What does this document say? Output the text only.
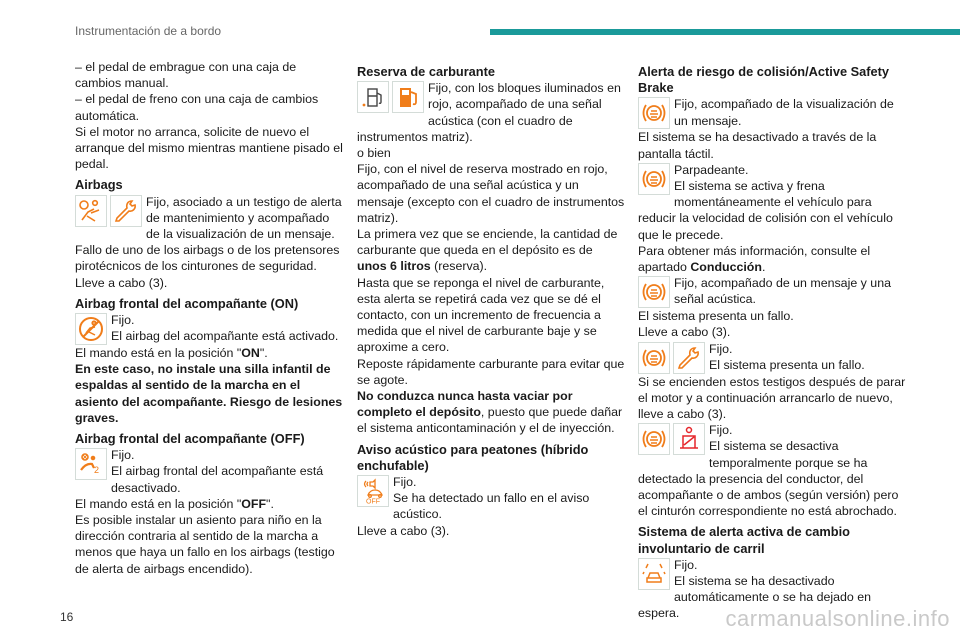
Instrumentación de a bordo

– el pedal de embrague con una caja de cambios manual.

– el pedal de freno con una caja de cambios automática.

Si el motor no arranca, solicite de nuevo el arranque del mismo mientras mantiene pisado el pedal.

Airbags

Fijo, asociado a un testigo de alerta de mantenimiento y acompañado de la visualización de un mensaje.

Fallo de uno de los airbags o de los pretensores pirotécnicos de los cinturones de seguridad.

Lleve a cabo (3).

Airbag frontal del acompañante (ON)

Fijo.

El airbag del acompañante está activado.

El mando está en la posición "ON".

En este caso, no instale una silla infantil de espaldas al sentido de la marcha en el asiento del acompañante. Riesgo de lesiones graves.

Airbag frontal del acompañante (OFF)
2

Fijo.

El airbag frontal del acompañante está desactivado.

El mando está en la posición "OFF".

Es posible instalar un asiento para niño en la dirección contraria al sentido de la marcha a menos que haya un fallo en los airbags (testigo de alerta de airbags encendido).

Reserva de carburante

Fijo, con los bloques iluminados en rojo, acompañado de una señal acústica (con el cuadro de instrumentos matriz).

o bien

Fijo, con el nivel de reserva mostrado en rojo, acompañado de una señal acústica y un mensaje (excepto con el cuadro de instrumentos matriz).

La primera vez que se enciende, la cantidad de carburante que queda en el depósito es de unos 6 litros (reserva).

Hasta que se reponga el nivel de carburante, esta alerta se repetirá cada vez que se dé el contacto, con un incremento de frecuencia a medida que el nivel de carburante baje y se aproxime a cero.

Reposte rápidamente carburante para evitar que se agote.

No conduzca nunca hasta vaciar por completo el depósito, puesto que puede dañar el sistema anticontaminación y el de inyección.

Aviso acústico para peatones (híbrido enchufable)
OFF

Fijo.

Se ha detectado un fallo en el aviso acústico.

Lleve a cabo (3).

Alerta de riesgo de colisión/Active Safety Brake

Fijo, acompañado de la visualización de un mensaje.

El sistema se ha desactivado a través de la pantalla táctil.

Parpadeante.

El sistema se activa y frena momentáneamente el vehículo para reducir la velocidad de colisión con el vehículo que le precede.

Para obtener más información, consulte el apartado Conducción.

Fijo, acompañado de un mensaje y una señal acústica.

El sistema presenta un fallo.

Lleve a cabo (3).

Fijo.

El sistema presenta un fallo.

Si se encienden estos testigos después de parar el motor y a continuación arrancarlo de nuevo, lleve a cabo (3).

Fijo.

El sistema se desactiva temporalmente porque se ha detectado la presencia del conductor, del acompañante o de ambos (según versión) pero el cinturón correspondiente no está abrochado.

Sistema de alerta activa de cambio involuntario de carril

Fijo.

El sistema se ha desactivado automáticamente o se ha dejado en espera.

16	carmanualsonline.info
